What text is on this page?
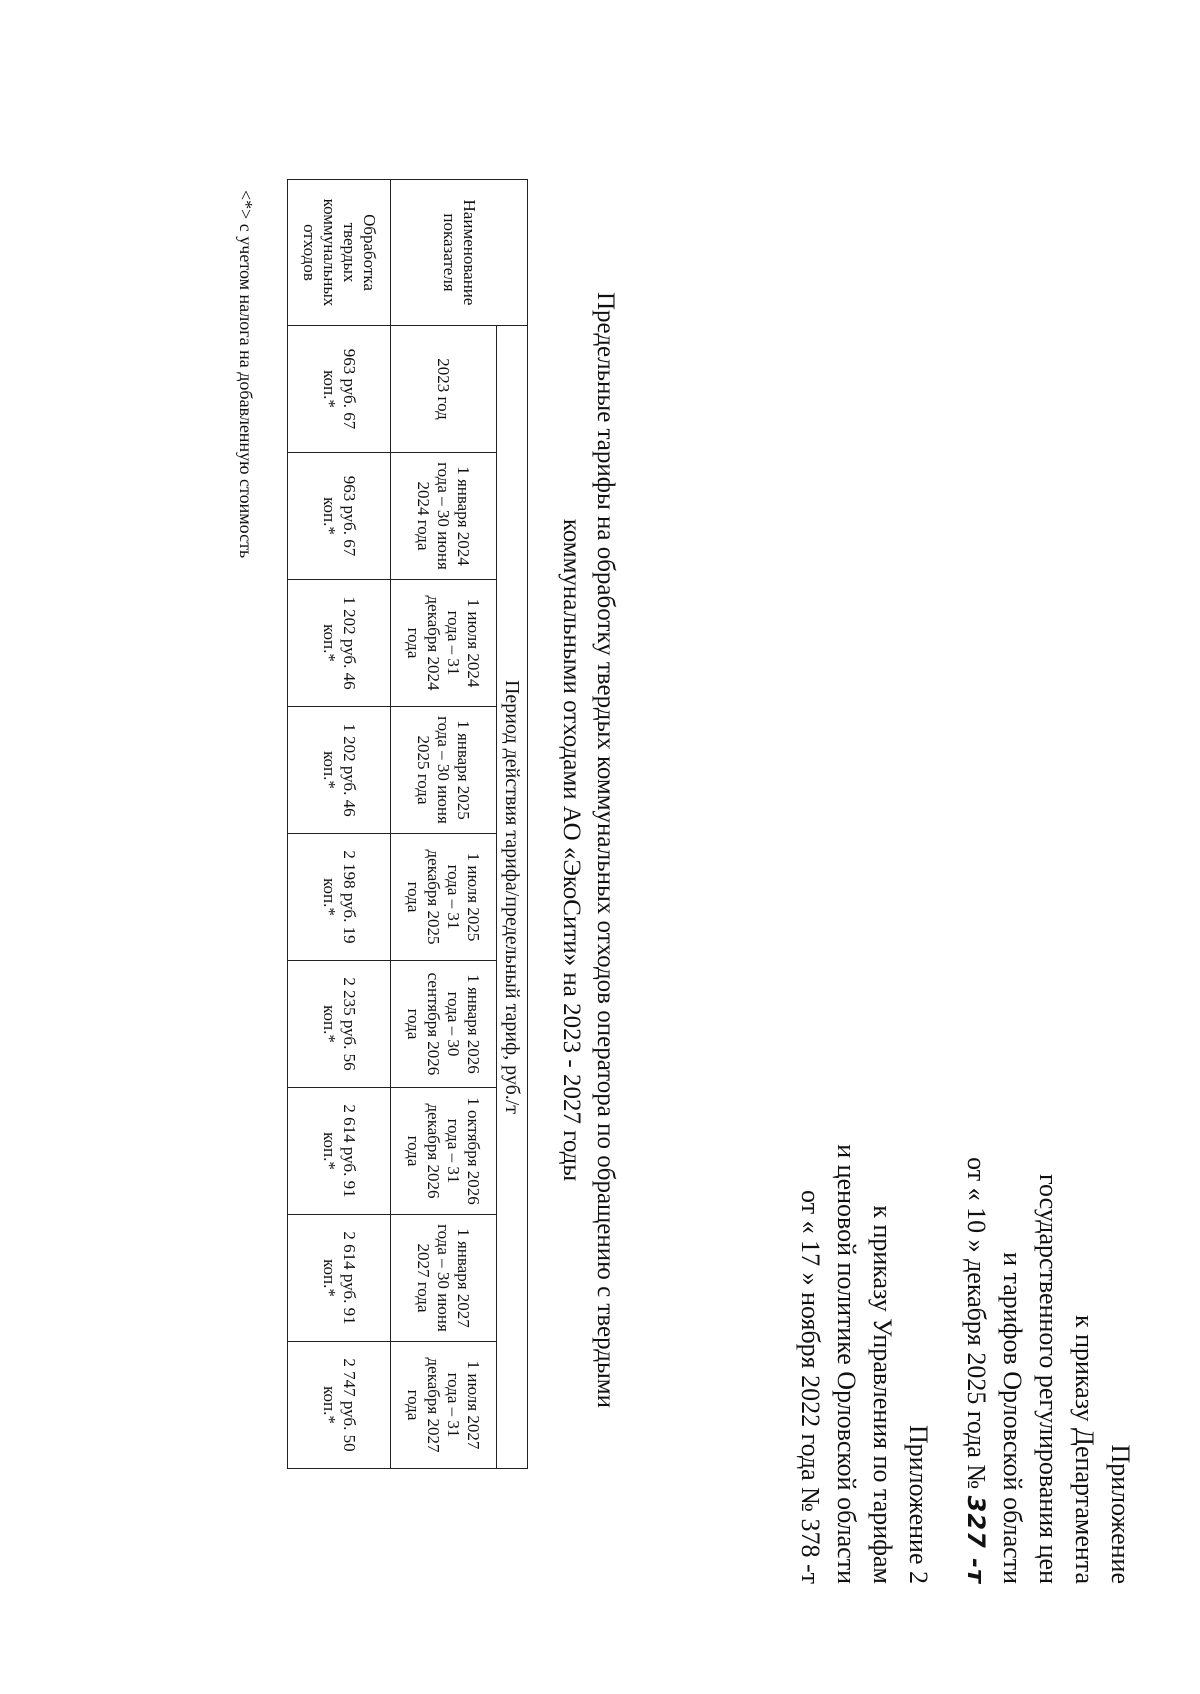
Приложение
к приказу Департамента
государственного регулирования цен
и тарифов Орловской области
от « 10 » декабря 2025 года № 327 -т
Приложение 2
к приказу Управления по тарифам
и ценовой политике Орловской области
от « 17 » ноября 2022 года № 378 -т
Предельные тарифы на обработку твердых коммунальных отходов оператора по обращению с твердыми
коммунальными отходами АО «ЭкоСити» на 2023 - 2027 годы
Наименование показателя	Период действия тарифа/предельный тариф, руб./т								
	2023 год	1 января 2024 года – 30 июня 2024 года	1 июля 2024 года – 31 декабря 2024 года	1 января 2025 года – 30 июня 2025 года	1 июля 2025 года – 31 декабря 2025 года	1 января 2026 года – 30 сентября 2026 года	1 октября 2026 года – 31 декабря 2026 года	1 января 2027 года – 30 июня 2027 года	1 июля 2027 года – 31 декабря 2027 года
Обработка твердых коммунальных отходов	963 руб. 67 коп.*	963 руб. 67 коп.*	1 202 руб. 46 коп.*	1 202 руб. 46 коп.*	2 198 руб. 19 коп.*	2 235 руб. 56 коп.*	2 614 руб. 91 коп.*	2 614 руб. 91 коп.*	2 747 руб. 50 коп.*
<*> с учетом налога на добавленную стоимость
